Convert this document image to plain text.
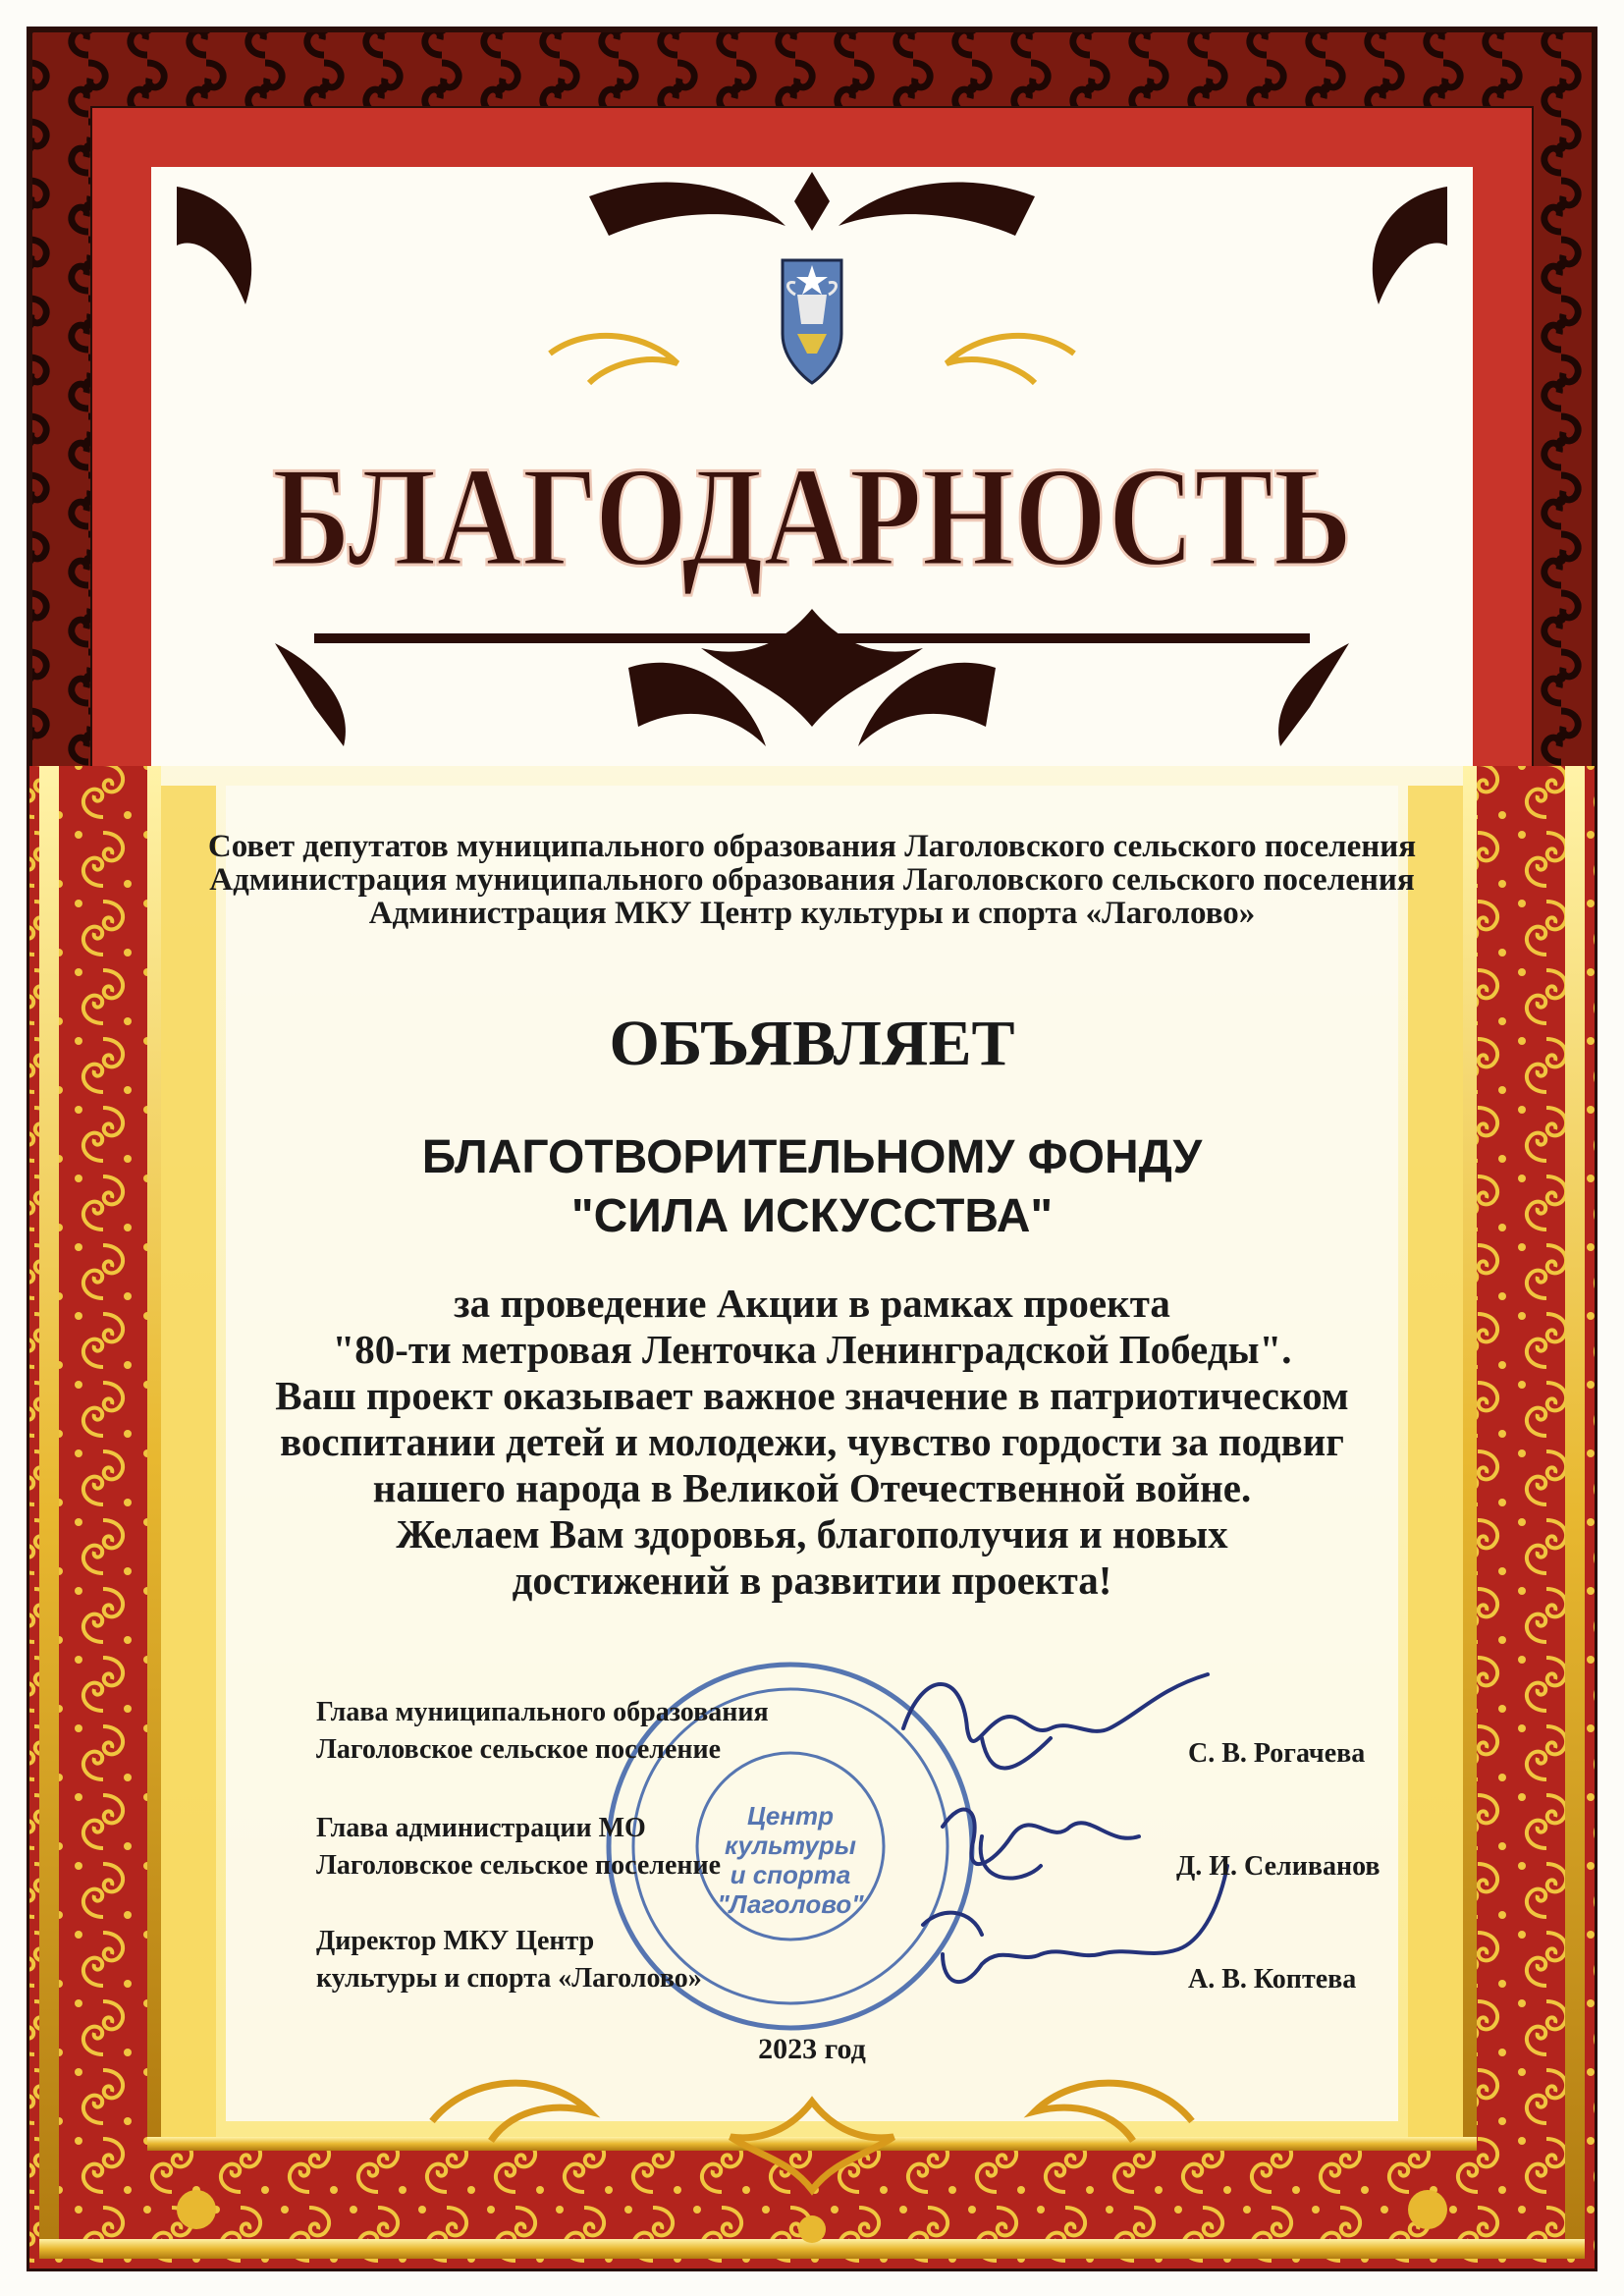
Центр
культуры
и спорта
"Лаголово"
БЛАГОДАРНОСТЬ
Совет депутатов муниципального образования Лаголовского сельского поселения
Администрация муниципального образования Лаголовского сельского поселения
Администрация МКУ Центр культуры и спорта «Лаголово»
ОБЪЯВЛЯЕТ
БЛАГОТВОРИТЕЛЬНОМУ ФОНДУ
"СИЛА ИСКУССТВА"
за проведение Акции в рамках проекта
"80-ти метровая Ленточка Ленинградской Победы".
Ваш проект оказывает важное значение в патриотическом
воспитании детей и молодежи, чувство гордости за подвиг
нашего народа в Великой Отечественной войне.
Желаем Вам здоровья, благополучия и новых
достижений в развитии проекта!
Глава муниципального образования
Лаголовское сельское поселение	С. В. Рогачева
Глава администрации МО
Лаголовское сельское поселение	Д. И. Селиванов
Директор МКУ Центр
культуры и спорта «Лаголово»	А. В. Коптева
2023 год
